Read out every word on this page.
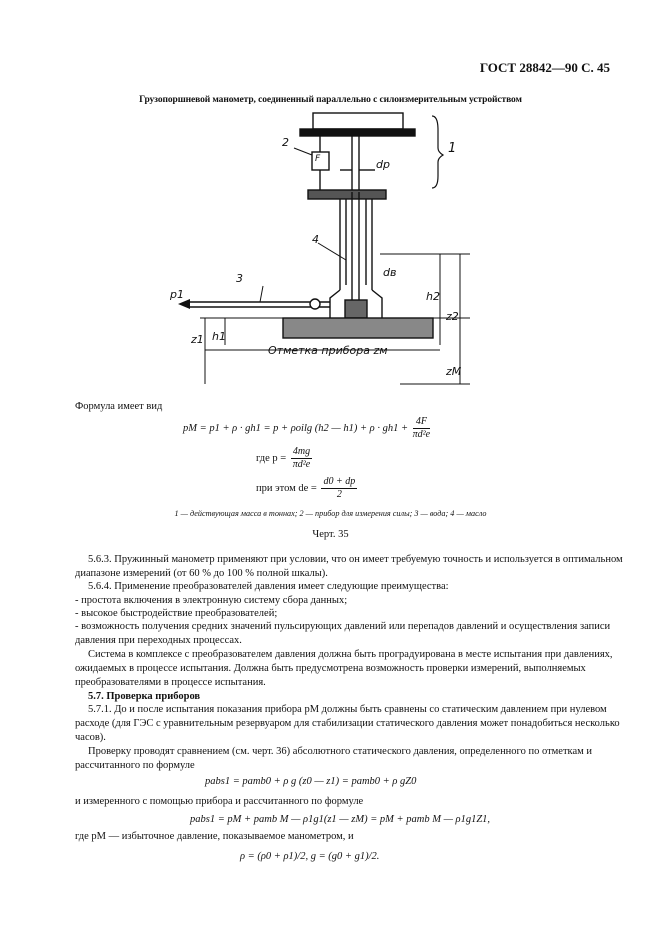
ГОСТ 28842—90 С. 45
Грузопоршневой манометр, соединенный параллельно с силоизмерительным устройством
2
F	dp
1
4
dв
3
p1
z1 h1
h2
z2
zM
Отметка прибора zм
Формула имеет вид
pM = p1 + ρ · gh1 = p + ρoilg (h2 — $h1) + \rho \cdot gh1 + \frac{4F}{\text{πd²e}}$
где $p = \frac{4mg}{\text{πd²e}}$
при этом de = $\frac{d0 + dp}{2}$
1 — действующая масса в тоннах; 2 — прибор для измерения силы; 3 — вода; 4 — масло
Черт. 35
5.6.3. Пружинный манометр применяют при условии, что он имеет требуемую точность и используется в оптимальном диапазоне измерений (от 60 % до 100 % полной шкалы).
5.6.4. Применение преобразователей давления имеет следующие преимущества:
- простота включения в электронную систему сбора данных;
- высокое быстродействие преобразователей;
- возможность получения средних значений пульсирующих давлений или перепадов давлений и осуществления записи давления при переходных процессах.
Система в комплексе с преобразователем давления должна быть проградуирована в месте испытания при давлениях, ожидаемых в процессе испытания. Должна быть предусмотрена возможность проверки измерений, выполняемых преобразователями в процессе испытания.
5.7. Проверка приборов
5.7.1. До и после испытания показания прибора pM должны быть сравнены со статическим давлением при нулевом расходе (для ГЭС с уравнительным резервуаром для стабилизации статического давления может понадобиться несколько часов).
Проверку проводят сравнением (см. черт. 36) абсолютного статического давления, определенного по отметкам и рассчитанного по формуле
pabs1 = pamb0 + ρ g (z0 — z1) = pamb0 + ρ gZ0
и измеренного с помощью прибора и рассчитанного по формуле
pabs1 = pM + pamb M — ρ1g1(z1 — zM) = pM + pamb M — ρ1g1Z1,
где pM — избыточное давление, показываемое манометром, и
ρ = (ρ0 + ρ1)/2, g = (g0 + g1)/2.
